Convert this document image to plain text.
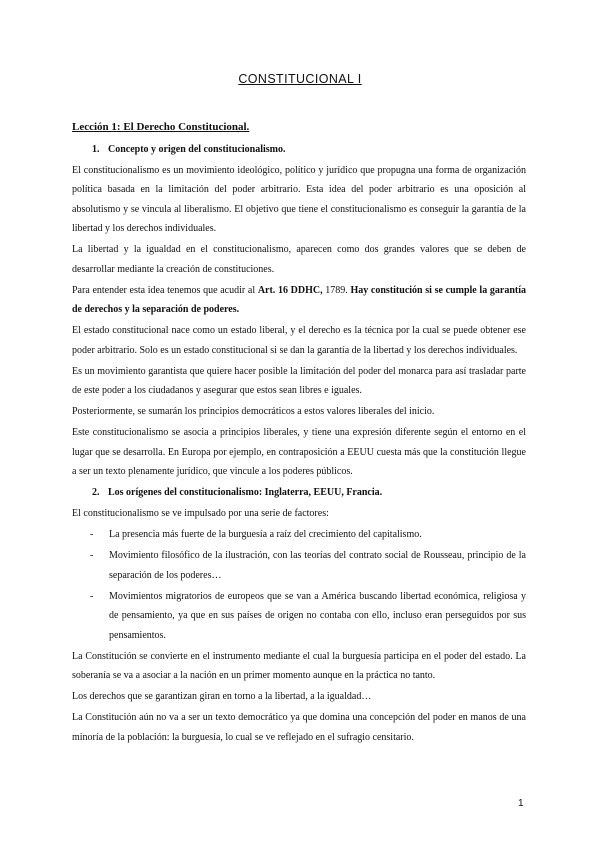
CONSTITUCIONAL I

Lección 1: El Derecho Constitucional.

1. Concepto y origen del constitucionalismo.

El constitucionalismo es un movimiento ideológico, político y jurídico que propugna una forma de organización política basada en la limitación del poder arbitrario. Esta idea del poder arbitrario es una oposición al absolutismo y se vincula al liberalismo. El objetivo que tiene el constitucionalismo es conseguir la garantía de la libertad y los derechos individuales.

La libertad y la igualdad en el constitucionalismo, aparecen como dos grandes valores que se deben de desarrollar mediante la creación de constituciones.

Para entender esta idea tenemos que acudir al Art. 16 DDHC, 1789. Hay constitución si se cumple la garantía de derechos y la separación de poderes.

El estado constitucional nace como un estado liberal, y el derecho es la técnica por la cual se puede obtener ese poder arbitrario. Solo es un estado constitucional si se dan la garantía de la libertad y los derechos individuales.

Es un movimiento garantista que quiere hacer posible la limitación del poder del monarca para así trasladar parte de este poder a los ciudadanos y asegurar que estos sean libres e iguales.

Posteriormente, se sumarán los principios democráticos a estos valores liberales del inicio.

Este constitucionalismo se asocia a principios liberales, y tiene una expresión diferente según el entorno en el lugar que se desarrolla. En Europa por ejemplo, en contraposición a EEUU cuesta más que la constitución llegue a ser un texto plenamente jurídico, que vincule a los poderes públicos.

2. Los orígenes del constitucionalismo: Inglaterra, EEUU, Francia.

El constitucionalismo se ve impulsado por una serie de factores:

- La presencia más fuerte de la burguesía a raíz del crecimiento del capitalismo.
- Movimiento filosófico de la ilustración, con las teorías del contrato social de Rousseau, principio de la separación de los poderes…
- Movimientos migratorios de europeos que se van a América buscando libertad económica, religiosa y de pensamiento, ya que en sus países de origen no contaba con ello, incluso eran perseguidos por sus pensamientos.

La Constitución se convierte en el instrumento mediante el cual la burguesía participa en el poder del estado. La soberanía se va a asociar a la nación en un primer momento aunque en la práctica no tanto.

Los derechos que se garantizan giran en torno a la libertad, a la igualdad…

La Constitución aún no va a ser un texto democrático ya que domina una concepción del poder en manos de una minoría de la población: la burguesía, lo cual se ve reflejado en el sufragio censitario.

1
